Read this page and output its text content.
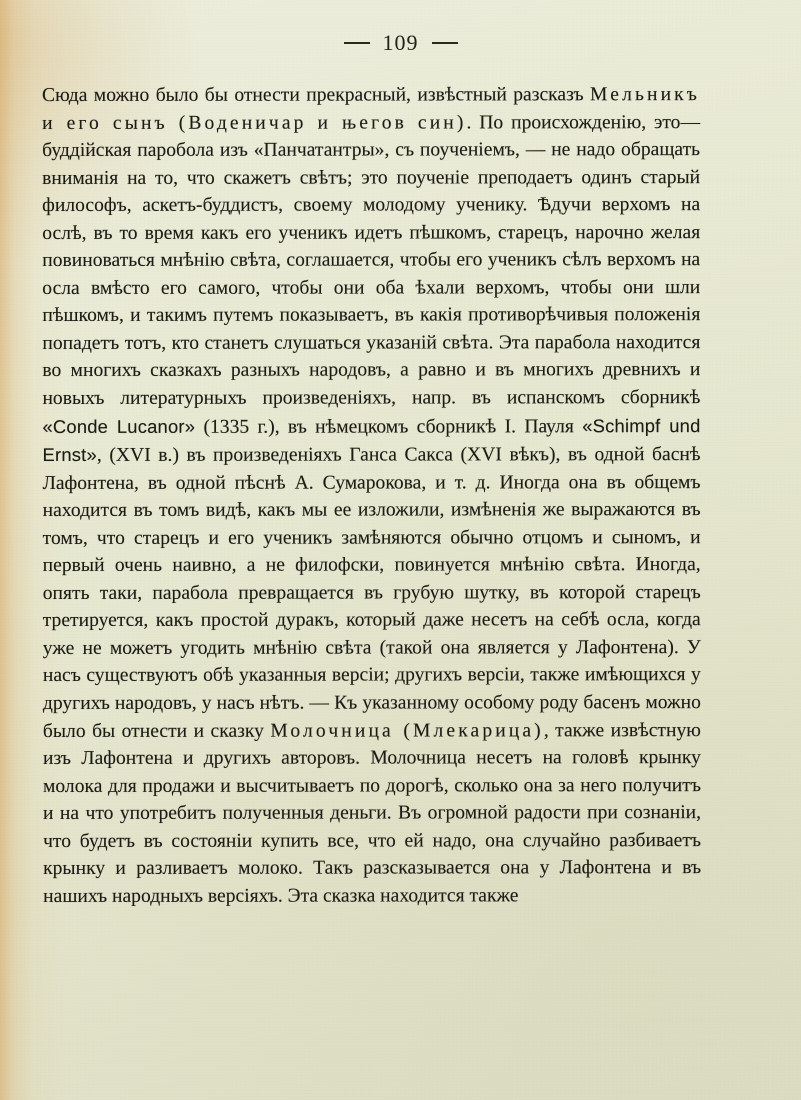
109

Сюда можно было бы отнести прекрасный, извѣстный разсказъ Мельникъ и его сынъ (Воденичар и његов син). По происхожденію, это—буддійская паробола изъ «Панчатантры», съ поученіемъ, — не надо обращать вниманія на то, что скажетъ свѣтъ; это поученіе преподаетъ одинъ старый философъ, аскетъ-буддистъ, своему молодому ученику. Ѣдучи верхомъ на ослѣ, въ то время какъ его ученикъ идетъ пѣшкомъ, старецъ, нарочно желая повиноваться мнѣнію свѣта, соглашается, чтобы его ученикъ сѣлъ верхомъ на осла вмѣсто его самого, чтобы они оба ѣхали верхомъ, чтобы они шли пѣшкомъ, и такимъ путемъ показываетъ, въ какія противорѣчивыя положенія попадетъ тотъ, кто станетъ слушаться указаній свѣта. Эта парабола находится во многихъ сказкахъ разныхъ народовъ, а равно и въ многихъ древнихъ и новыхъ литературныхъ произведеніяхъ, напр. въ испанскомъ сборникѣ «Conde Lucanor» (1335 г.), въ нѣмецкомъ сборникѣ I. Пауля «Schimpf und Ernst», (XVI в.) въ произведеніяхъ Ганса Сакса (XVI вѣкъ), въ одной баснѣ Лафонтена, въ одной пѣснѣ А. Сумарокова, и т. д. Иногда она въ общемъ находится въ томъ видѣ, какъ мы ее изложили, измѣненія же выражаются въ томъ, что старецъ и его ученикъ замѣняются обычно отцомъ и сыномъ, и первый очень наивно, а не филофски, повинуется мнѣнію свѣта. Иногда, опять таки, парабола превращается въ грубую шутку, въ которой старецъ третируется, какъ простой дуракъ, который даже несетъ на себѣ осла, когда уже не можетъ угодить мнѣнію свѣта (такой она является у Лафонтена). У насъ существуютъ обѣ указанныя версіи; другихъ версіи, также имѣющихся у другихъ народовъ, у насъ нѣтъ. — Къ указанному особому роду басенъ можно было бы отнести и сказку Молочница (Млекарица), также извѣстную изъ Лафонтена и другихъ авторовъ. Молочница несетъ на головѣ крынку молока для продажи и высчитываетъ по дорогѣ, сколько она за него получитъ и на что употребитъ полученныя деньги. Въ огромной радости при сознаніи, что будетъ въ состояніи купить все, что ей надо, она случайно разбиваетъ крынку и разливаетъ молоко. Такъ разсказывается она у Лафонтена и въ нашихъ народныхъ версіяхъ. Эта сказка находится также
